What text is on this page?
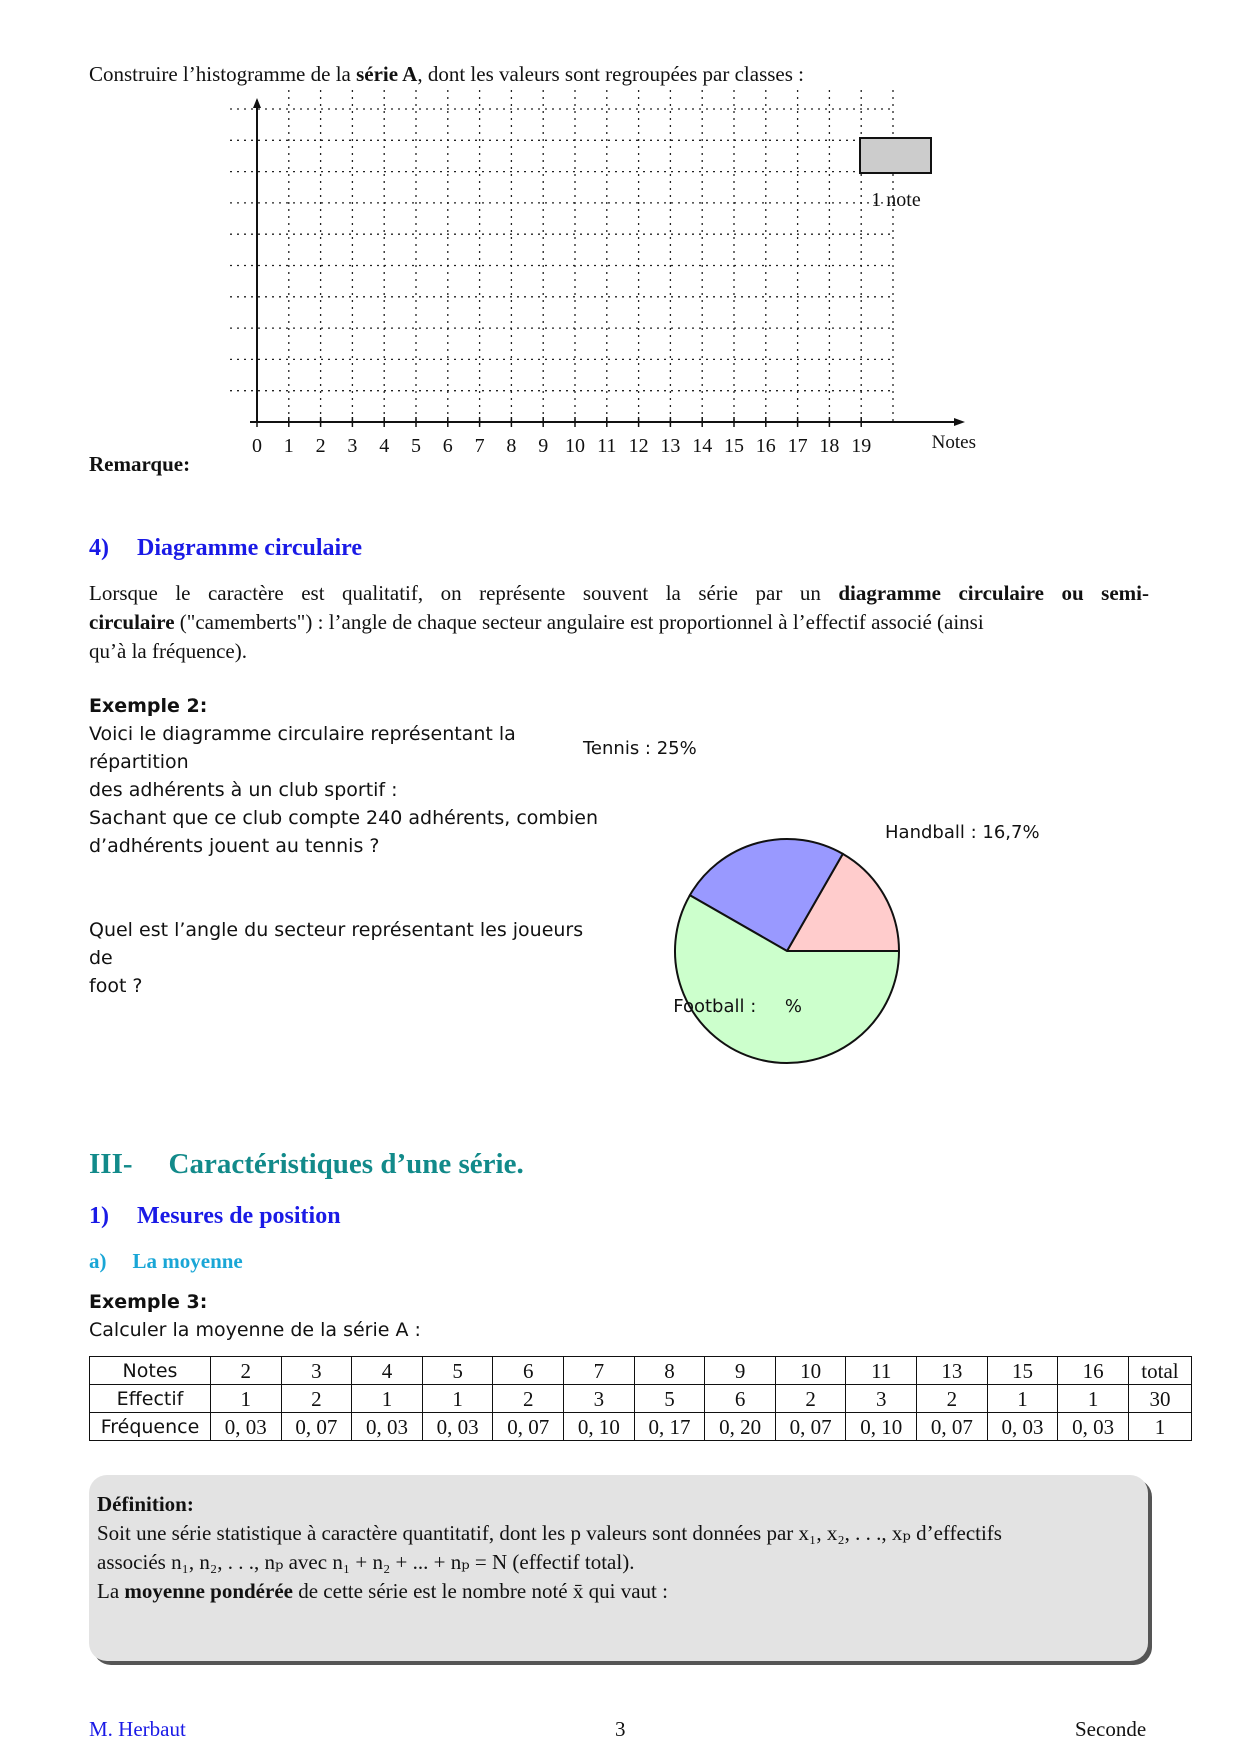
Construire l’histogramme de la série A, dont les valeurs sont regroupées par classes :
1 note
0 1 2 3 4 5 6 7 8 9 10 11 12 13 14 15 16 17 18 19	Notes
Remarque:
4) Diagramme circulaire
Lorsque le caractère est qualitatif, on représente souvent la série par un diagramme circulaire ou semi-
circulaire ("camemberts") : l’angle de chaque secteur angulaire est proportionnel à l’effectif associé (ainsi
qu’à la fréquence).
Exemple 2:
Voici le diagramme circulaire représentant la répartition
des adhérents à un club sportif :
Sachant que ce club compte 240 adhérents, combien
d’adhérents jouent au tennis ?
Quel est l’angle du secteur représentant les joueurs de
foot ?
Handball : 16,7%
Tennis : 25%
Football :     %
III- Caractéristiques d’une série.
1) Mesures de position
a) La moyenne
Exemple 3:
Calculer la moyenne de la série A :
Notes	2	3	4	5	6	7	8	9	10	11	13	15	16	total
Effectif	1	2	1	1	2	3	5	6	2	3	2	1	1	30
Fréquence	0, 03	0, 07	0, 03	0, 03	0, 07	0, 10	0, 17	0, 20	0, 07	0, 10	0, 07	0, 03	0, 03	1
Définition:
Soit une série statistique à caractère quantitatif, dont les p valeurs sont données par x₁, x₂, . . ., xₚ d’effectifs
associés n₁, n₂, . . ., nₚ avec n₁ + n₂ + ... + nₚ = N (effectif total).
La moyenne pondérée de cette série est le nombre noté x̄ qui vaut :
M. Herbaut	3	Seconde
